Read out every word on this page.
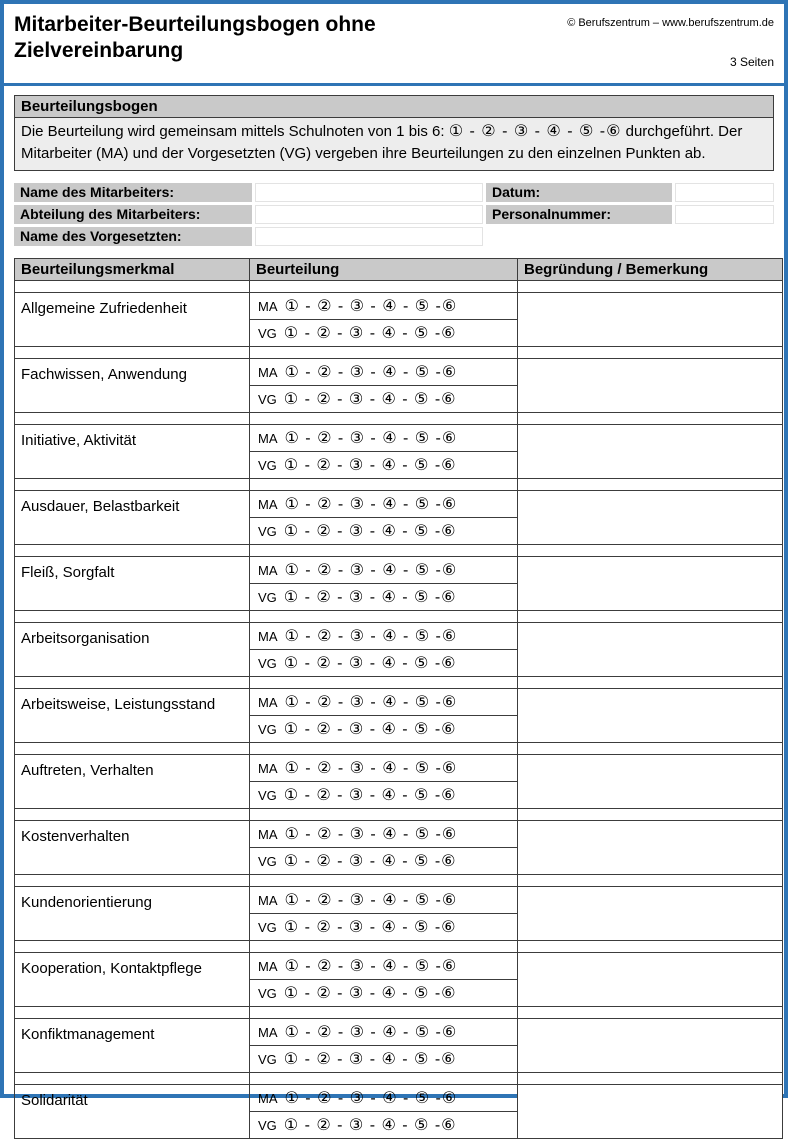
Mitarbeiter-Beurteilungsbogen ohne Zielvereinbarung
© Berufszentrum – www.berufszentrum.de
3 Seiten
Beurteilungsbogen
Die Beurteilung wird gemeinsam mittels Schulnoten von 1 bis 6: ① - ② - ③ - ④ - ⑤ -⑥ durchgeführt. Der Mitarbeiter (MA) und der Vorgesetzten (VG) vergeben ihre Beurteilungen zu den einzelnen Punkten ab.
Name des Mitarbeiters:	Datum:
Abteilung des Mitarbeiters:	Personalnummer:
Name des Vorgesetzten:
Beurteilungsmerkmal	Beurteilung	Begründung / Bemerkung

Allgemeine Zufriedenheit	MA ① - ② - ③ - ④ - ⑤ -⑥	
	VG ① - ② - ③ - ④ - ⑤ -⑥	

Fachwissen, Anwendung	MA ① - ② - ③ - ④ - ⑤ -⑥	
	VG ① - ② - ③ - ④ - ⑤ -⑥	

Initiative, Aktivität	MA ① - ② - ③ - ④ - ⑤ -⑥	
	VG ① - ② - ③ - ④ - ⑤ -⑥	

Ausdauer, Belastbarkeit	MA ① - ② - ③ - ④ - ⑤ -⑥	
	VG ① - ② - ③ - ④ - ⑤ -⑥	

Fleiß, Sorgfalt	MA ① - ② - ③ - ④ - ⑤ -⑥	
	VG ① - ② - ③ - ④ - ⑤ -⑥	

Arbeitsorganisation	MA ① - ② - ③ - ④ - ⑤ -⑥	
	VG ① - ② - ③ - ④ - ⑤ -⑥	

Arbeitsweise, Leistungsstand	MA ① - ② - ③ - ④ - ⑤ -⑥	
	VG ① - ② - ③ - ④ - ⑤ -⑥	

Auftreten, Verhalten	MA ① - ② - ③ - ④ - ⑤ -⑥	
	VG ① - ② - ③ - ④ - ⑤ -⑥	

Kostenverhalten	MA ① - ② - ③ - ④ - ⑤ -⑥	
	VG ① - ② - ③ - ④ - ⑤ -⑥	

Kundenorientierung	MA ① - ② - ③ - ④ - ⑤ -⑥	
	VG ① - ② - ③ - ④ - ⑤ -⑥	

Kooperation, Kontaktpflege	MA ① - ② - ③ - ④ - ⑤ -⑥	
	VG ① - ② - ③ - ④ - ⑤ -⑥	

Konfiktmanagement	MA ① - ② - ③ - ④ - ⑤ -⑥	
	VG ① - ② - ③ - ④ - ⑤ -⑥	

Solidarität	MA ① - ② - ③ - ④ - ⑤ -⑥	
	VG ① - ② - ③ - ④ - ⑤ -⑥	
